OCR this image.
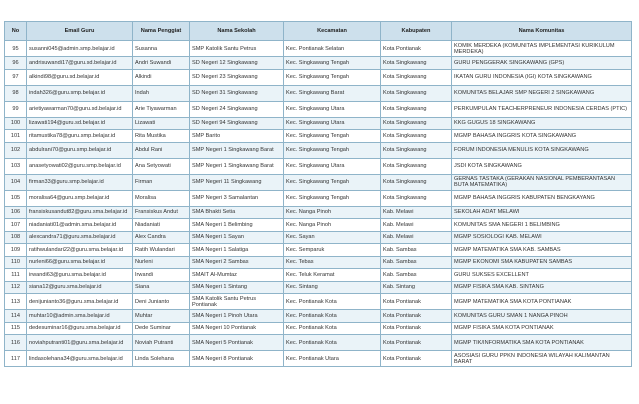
No	Email Guru	Nama Penggiat	Nama Sekolah	Kecamatan	Kabupaten	Nama Komunitas
95	susanni045@admin.smp.belajar.id	Susanna	SMP Katolik Santu Petrus	Kec. Pontianak Selatan	Kota Pontianak	KOMIK MERDEKA (KOMUNITAS IMPLEMENTASI KURIKULUM MERDEKA)
96	andrisuwandi17@guru.sd.belajar.id	Andri Suwandi	SD Negeri 12 Singkawang	Kec. Singkawang Tengah	Kota Singkawang	GURU PENGGERAK SINGKAWANG (GPS)
97	alkindi98@guru.sd.belajar.id	Alkindi	SD Negeri 23 Singkawang	Kec. Singkawang Tengah	Kota Singkawang	IKATAN GURU INDONESIA (IGI) KOTA SINGKAWANG
98	indah326@guru.smp.belajar.id	Indah	SD Negeri 31 Singkawang	Kec. Singkawang Barat	Kota Singkawang	KOMUNITAS BELAJAR SMP NEGERI 2 SINGKAWANG
99	arietiyawarman70@guru.sd.belajar.id	Arie Tiyawarman	SD Negeri 24 Singkawang	Kec. Singkawang Utara	Kota Singkawang	PERKUMPULAN TEACHERPRENEUR INDONESIA CERDAS (PTIC)
100	lizawati194@guru.sd.belajar.id	Lizawati	SD Negeri 94 Singkawang	Kec. Singkawang Utara	Kota Singkawang	KKG GUGUS 18 SINGKAWANG
101	ritamustika78@guru.smp.belajar.id	Rita Mustika	SMP Barito	Kec. Singkawang Tengah	Kota Singkawang	MGMP BAHASA INGGRIS KOTA SINGKAWANG
102	abdulrani70@guru.smp.belajar.id	Abdul Rani	SMP Negeri 1 Singkawang Barat	Kec. Singkawang Tengah	Kota Singkawang	FORUM INDONESIA MENULIS KOTA SINGKAWANG
103	anasetyowati02@guru.smp.belajar.id	Ana Setyowati	SMP Negeri 1 Singkawang Barat	Kec. Singkawang Utara	Kota Singkawang	JSDI KOTA SINGKAWANG
104	firman33@guru.smp.belajar.id	Firman	SMP Negeri 11 Singkawang	Kec. Singkawang Tengah	Kota Singkawang	GERNAS TASTAKA (GERAKAN NASIONAL PEMBERANTASAN BUTA MATEMATIKA)
105	moralisa64@guru.smp.belajar.id	Moralisa	SMP Negeri 3 Samalantan	Kec. Singkawang Tengah	Kota Singkawang	MGMP BAHASA INGGRIS KABUPATEN BENGKAYANG
106	fransiskusandut82@guru.sma.belajar.id	Fransiskus Andut	SMA Bhakti Setia	Kec. Nanga Pinoh	Kab. Melawi	SEKOLAH ADAT MELAWI
107	niadaniati01@admin.sma.belajar.id	Niadaniati	SMA Negeri 1 Belimbing	Kec. Nanga Pinoh	Kab. Melawi	KOMUNITAS SMA NEGERI 1 BELIMBING
108	alexcandra71@guru.sma.belajar.id	Alex Candra	SMA Negeri 1 Sayan	Kec. Sayan	Kab. Melawi	MGMP SOSIOLOGI KAB. MELAWI
109	ratihwulandari22@guru.sma.belajar.id	Ratih Wulandari	SMA Negeri 1 Salatiga	Kec. Semparuk	Kab. Sambas	MGMP MATEMATIKA SMA KAB. SAMBAS
110	nurleni66@guru.sma.belajar.id	Nurleni	SMA Negeri 2 Sambas	Kec. Tebas	Kab. Sambas	MGMP EKONOMI SMA KABUPATEN SAMBAS
111	irwandi63@guru.sma.belajar.id	Irwandi	SMAIT Al-Mumtaz	Kec. Teluk Keramat	Kab. Sambas	GURU SUKSES EXCELLENT
112	siana12@guru.sma.belajar.id	Siana	SMA Negeri 1 Sintang	Kec. Sintang	Kab. Sintang	MGMP FISIKA SMA KAB. SINTANG
113	denijunianto36@guru.sma.belajar.id	Deni Junianto	SMA Katolik Santu Petrus Pontianak	Kec. Pontianak Kota	Kota Pontianak	MGMP MATEMATIKA SMA KOTA PONTIANAK
114	muhtar10@admin.sma.belajar.id	Muhtar	SMA Negeri 1 Pinoh Utara	Kec. Pontianak Kota	Kota Pontianak	KOMUNITAS GURU SMAN 1 NANGA PINOH
115	dedesuminar16@guru.sma.belajar.id	Dede Suminar	SMA Negeri 10 Pontianak	Kec. Pontianak Kota	Kota Pontianak	MGMP FISIKA SMA KOTA PONTIANAK
116	noviahputranti01@guru.sma.belajar.id	Noviah Putranti	SMA Negeri 5 Pontianak	Kec. Pontianak Kota	Kota Pontianak	MGMP TIK/INFORMATIKA SMA KOTA PONTIANAK
117	lindasolehana34@guru.sma.belajar.id	Linda Solehana	SMA Negeri 8 Pontianak	Kec. Pontianak Utara	Kota Pontianak	ASOSIASI GURU PPKN INDONESIA WILAYAH KALIMANTAN BARAT
